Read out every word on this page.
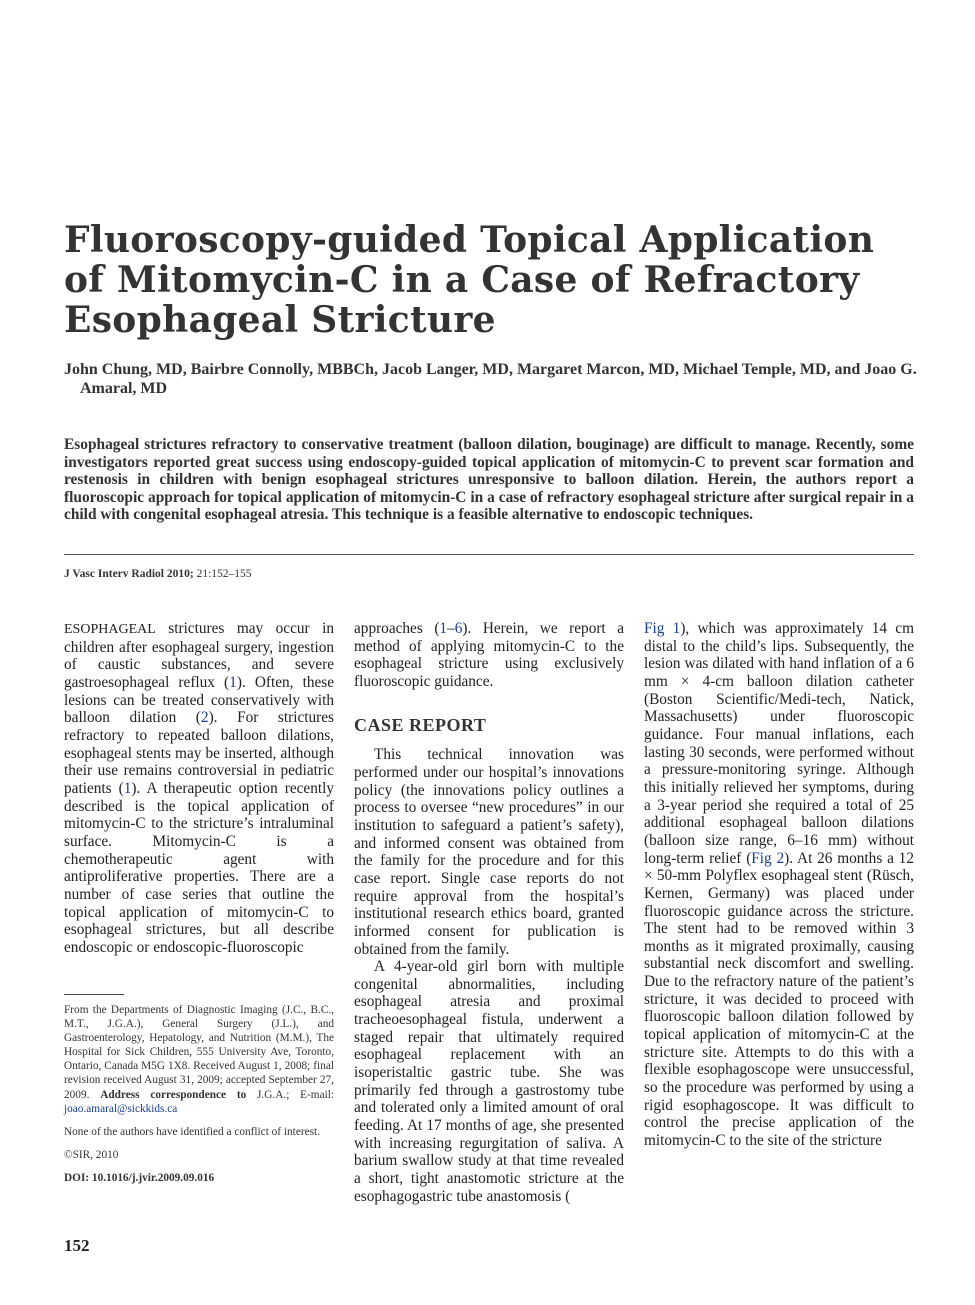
Fluoroscopy-guided Topical Application of Mitomycin-C in a Case of Refractory Esophageal Stricture

John Chung, MD, Bairbre Connolly, MBBCh, Jacob Langer, MD, Margaret Marcon, MD, Michael Temple, MD, and Joao G. Amaral, MD

Esophageal strictures refractory to conservative treatment (balloon dilation, bouginage) are difficult to manage. Recently, some investigators reported great success using endoscopy-guided topical application of mitomycin-C to prevent scar formation and restenosis in children with benign esophageal strictures unresponsive to balloon dilation. Herein, the authors report a fluoroscopic approach for topical application of mitomycin-C in a case of refractory esophageal stricture after surgical repair in a child with congenital esophageal atresia. This technique is a feasible alternative to endoscopic techniques.

J Vasc Interv Radiol 2010; 21:152–155

ESOPHAGEAL strictures may occur in children after esophageal surgery, ingestion of caustic substances, and severe gastroesophageal reflux (1). Often, these lesions can be treated conservatively with balloon dilation (2). For strictures refractory to repeated balloon dilations, esophageal stents may be inserted, although their use remains controversial in pediatric patients (1). A therapeutic option recently described is the topical application of mitomycin-C to the stricture’s intraluminal surface. Mitomycin-C is a chemotherapeutic agent with antiproliferative properties. There are a number of case series that outline the topical application of mitomycin-C to esophageal strictures, but all describe endoscopic or endoscopic-fluoroscopic

approaches (1–6). Herein, we report a method of applying mitomycin-C to the esophageal stricture using exclusively fluoroscopic guidance.

CASE REPORT

This technical innovation was performed under our hospital’s innovations policy (the innovations policy outlines a process to oversee “new procedures” in our institution to safeguard a patient’s safety), and informed consent was obtained from the family for the procedure and for this case report. Single case reports do not require approval from the hospital’s institutional research ethics board, granted informed consent for publication is obtained from the family.

A 4-year-old girl born with multiple congenital abnormalities, including esophageal atresia and proximal tracheoesophageal fistula, underwent a staged repair that ultimately required esophageal replacement with an isoperistaltic gastric tube. She was primarily fed through a gastrostomy tube and tolerated only a limited amount of oral feeding. At 17 months of age, she presented with increasing regurgitation of saliva. A barium swallow study at that time revealed a short, tight anastomotic stricture at the esophagogastric tube anastomosis (

Fig 1), which was approximately 14 cm distal to the child’s lips. Subsequently, the lesion was dilated with hand inflation of a 6 mm × 4-cm balloon dilation catheter (Boston Scientific/Medi-tech, Natick, Massachusetts) under fluoroscopic guidance. Four manual inflations, each lasting 30 seconds, were performed without a pressure-monitoring syringe. Although this initially relieved her symptoms, during a 3-year period she required a total of 25 additional esophageal balloon dilations (balloon size range, 6–16 mm) without long-term relief (Fig 2). At 26 months a 12 × 50-mm Polyflex esophageal stent (Rüsch, Kernen, Germany) was placed under fluoroscopic guidance across the stricture. The stent had to be removed within 3 months as it migrated proximally, causing substantial neck discomfort and swelling. Due to the refractory nature of the patient’s stricture, it was decided to proceed with fluoroscopic balloon dilation followed by topical application of mitomycin-C at the stricture site. Attempts to do this with a flexible esophagoscope were unsuccessful, so the procedure was performed by using a rigid esophagoscope. It was difficult to control the precise application of the mitomycin-C to the site of the stricture

From the Departments of Diagnostic Imaging (J.C., B.C., M.T., J.G.A.), General Surgery (J.L.), and Gastroenterology, Hepatology, and Nutrition (M.M.), The Hospital for Sick Children, 555 University Ave, Toronto, Ontario, Canada M5G 1X8. Received August 1, 2008; final revision received August 31, 2009; accepted September 27, 2009. Address correspondence to J.G.A.; E-mail: joao.amaral@sickkids.ca

None of the authors have identified a conflict of interest.

©SIR, 2010

DOI: 10.1016/j.jvir.2009.09.016

152
